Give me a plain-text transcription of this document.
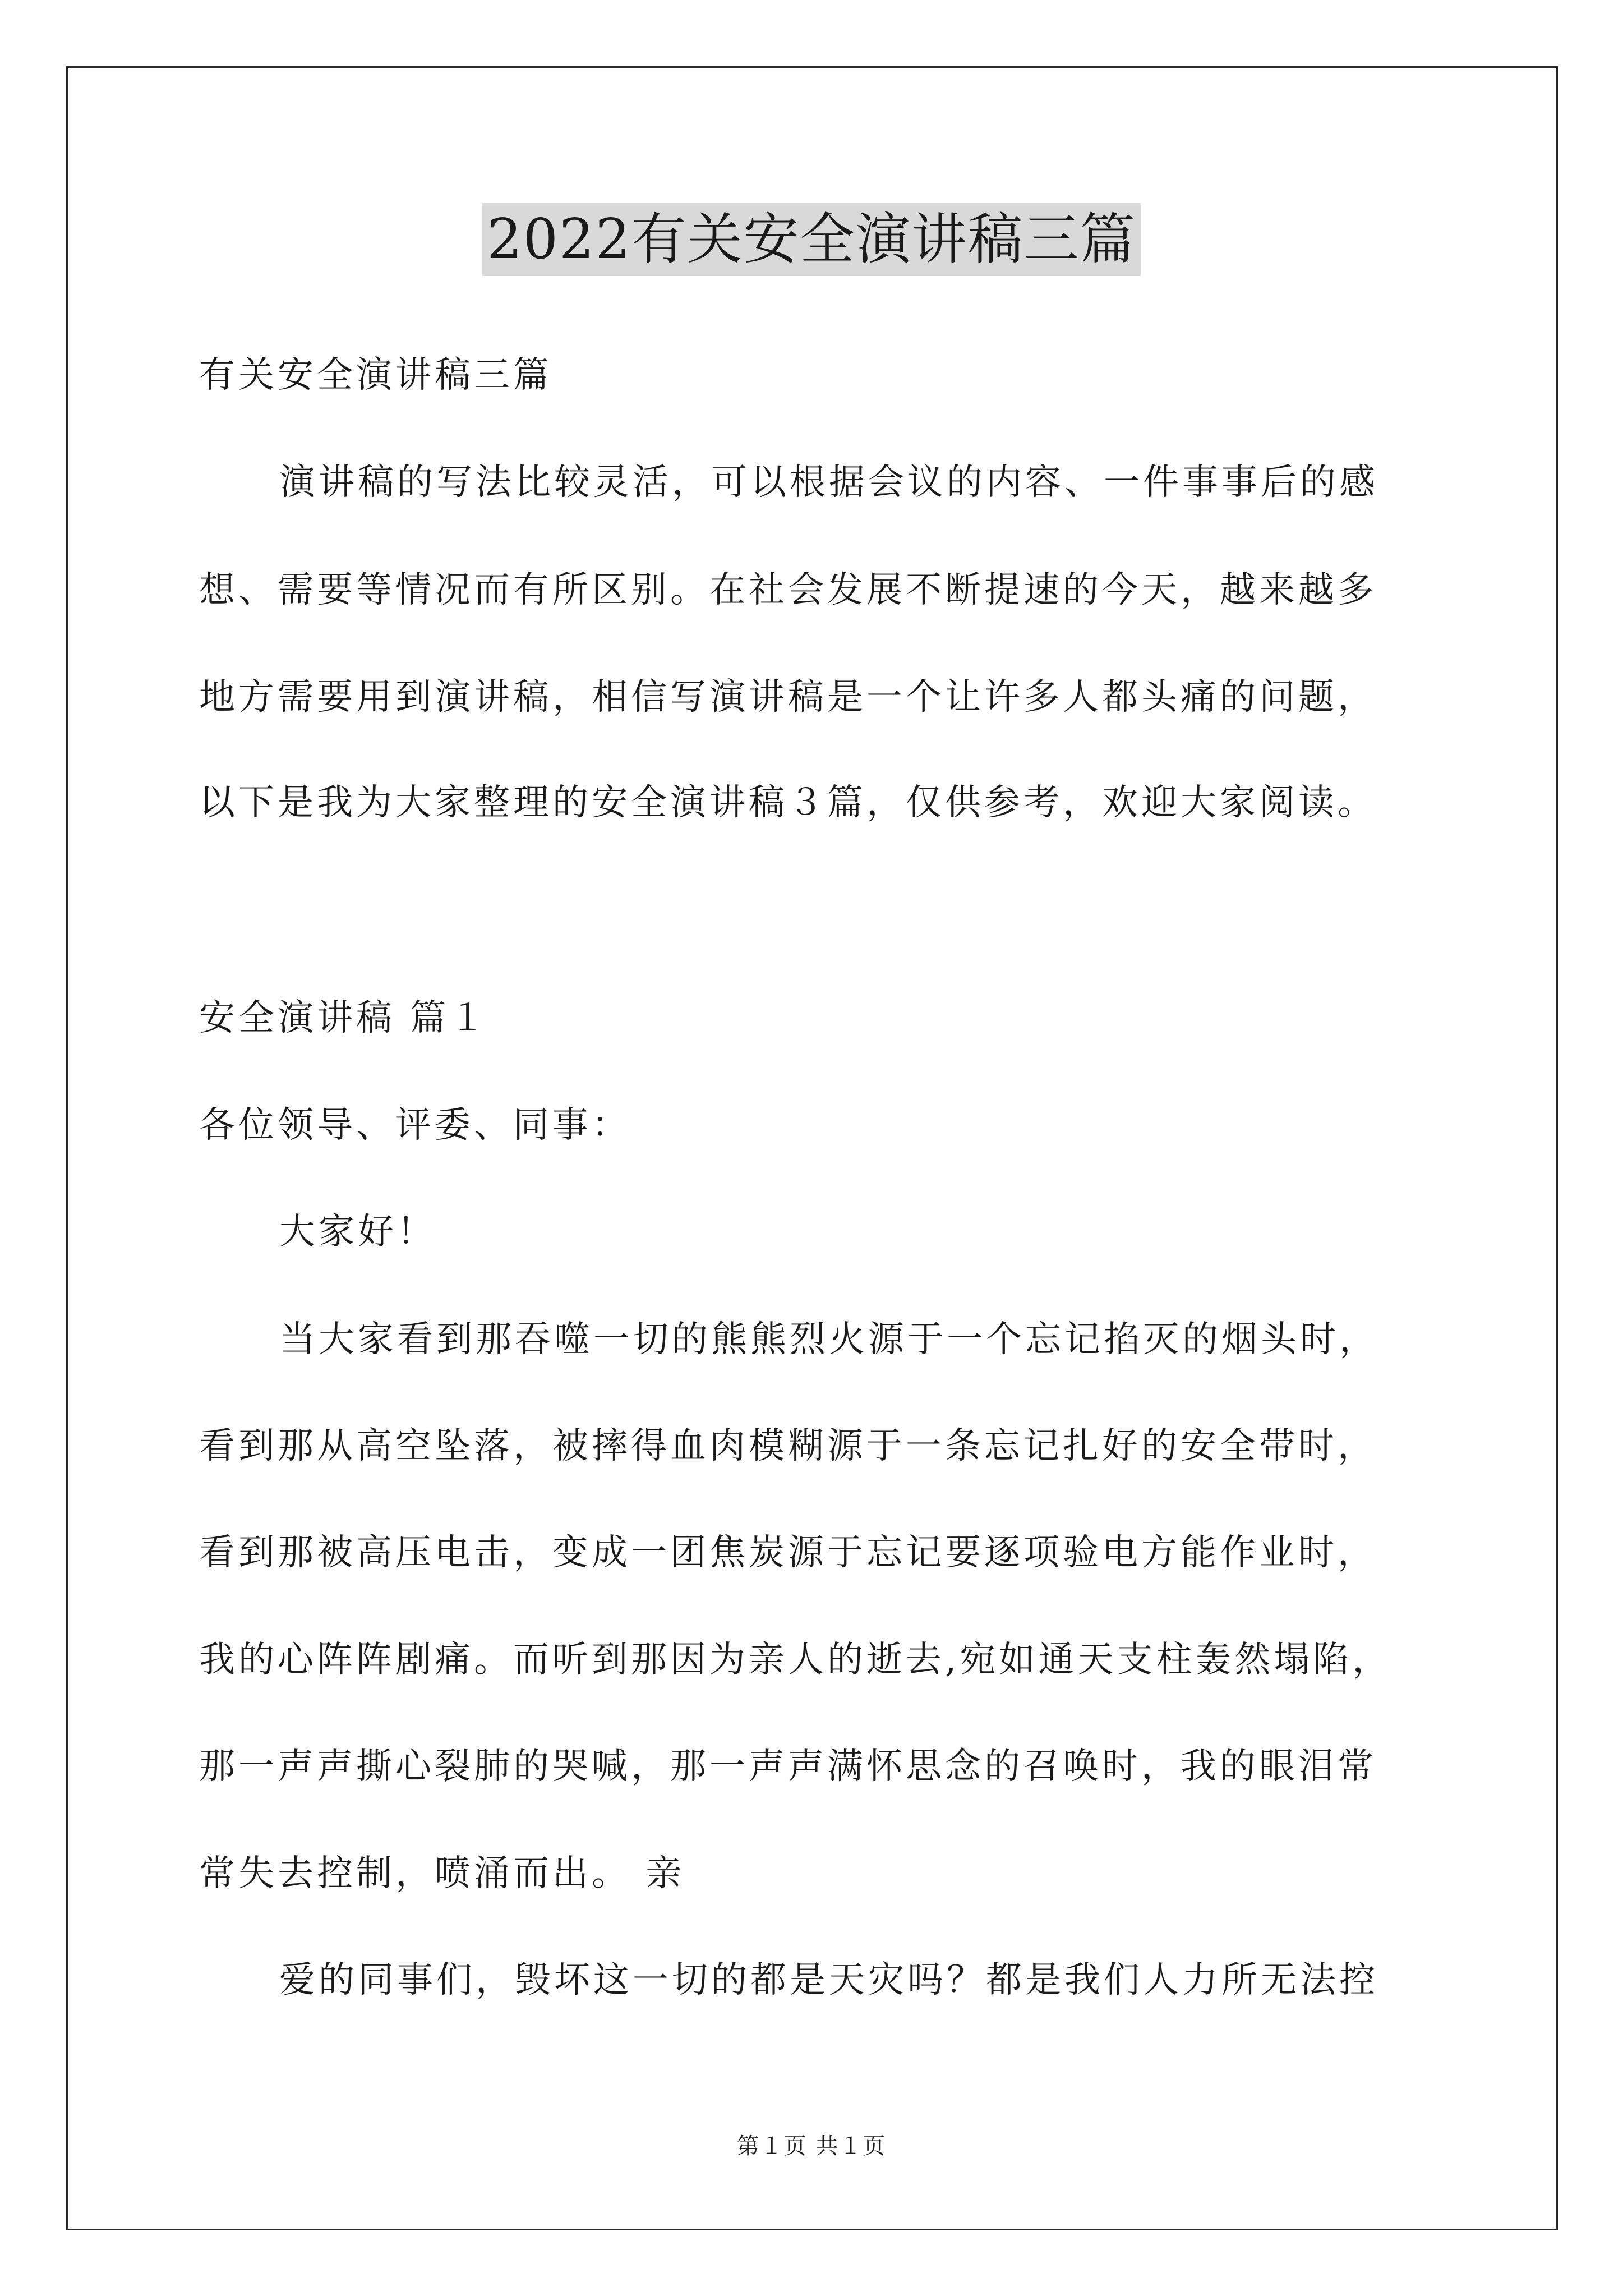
2022有关安全演讲稿三篇
有关安全演讲稿三篇
演讲稿的写法比较灵活，可以根据会议的内容、一件事事后的感
想、需要等情况而有所区别。在社会发展不断提速的今天，越来越多
地方需要用到演讲稿，相信写演讲稿是一个让许多人都头痛的问题，
以下是我为大家整理的安全演讲稿３篇，仅供参考，欢迎大家阅读。
安全演讲稿 篇１
各位领导、评委、同事：
大家好！
当大家看到那吞噬一切的熊熊烈火源于一个忘记掐灭的烟头时，
看到那从高空坠落，被摔得血肉模糊源于一条忘记扎好的安全带时，
看到那被高压电击，变成一团焦炭源于忘记要逐项验电方能作业时，
我的心阵阵剧痛。而听到那因为亲人的逝去,宛如通天支柱轰然塌陷，
那一声声撕心裂肺的哭喊，那一声声满怀思念的召唤时，我的眼泪常
常失去控制，喷涌而出。 亲
爱的同事们，毁坏这一切的都是天灾吗？都是我们人力所无法控
第１页 共１页
